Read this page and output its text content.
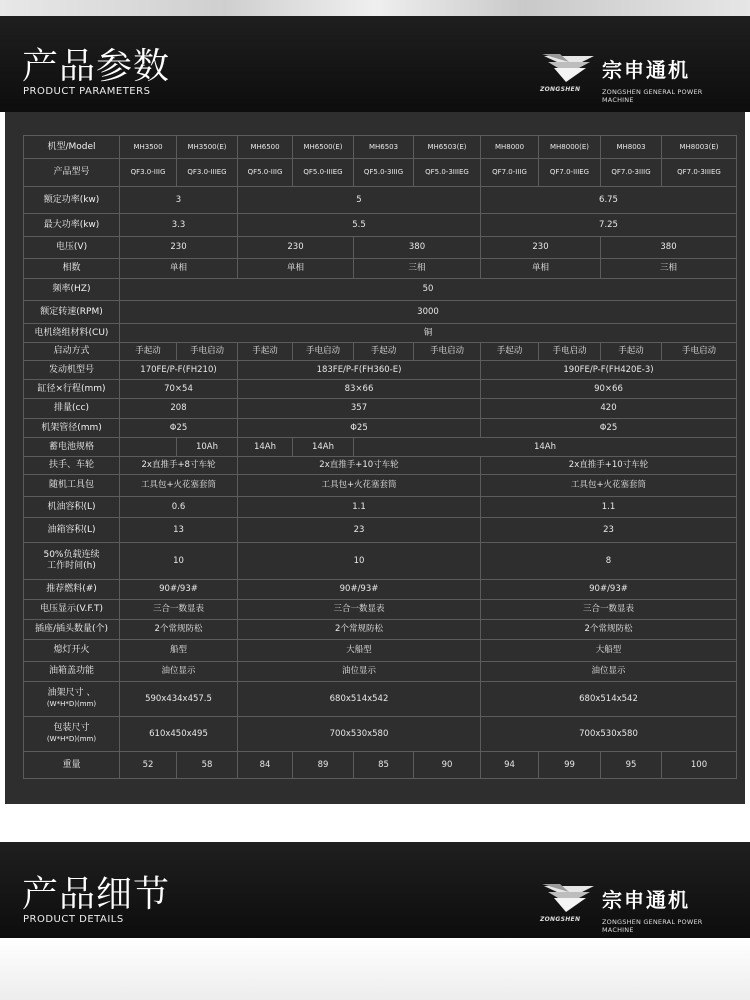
产品参数
PRODUCT PARAMETERS	ZONGSHEN
宗申通机
ZONGSHEN GENERAL POWER MACHINE
机型/Model	MH3500	MH3500(E)	MH6500	MH6500(E)	MH6503	MH6503(E)	MH8000	MH8000(E)	MH8003	MH8003(E)
产品型号	QF3.0-IIIG	QF3.0-IIIEG	QF5.0-IIIG	QF5.0-IIIEG	QF5.0-3IIIG	QF5.0-3IIIEG	QF7.0-IIIG	QF7.0-IIIEG	QF7.0-3IIIG	QF7.0-3IIIEG
额定功率(kw)	3		5				6.75			
最大功率(kw)	3.3		5.5				7.25			
电压(V)	230		230		380		230		380	
相数	单相		单相		三相		单相		三相	
频率(HZ)	50									
额定转速(RPM)	3000									
电机绕组材料(CU)	铜									
启动方式	手起动	手电启动	手起动	手电启动	手起动	手电启动	手起动	手电启动	手起动	手电启动
发动机型号	170FE/P-F(FH210)		183FE/P-F(FH360-E)				190FE/P-F(FH420E-3)			
缸径×行程(mm)	70×54		83×66				90×66			
排量(cc)	208		357				420			
机架管径(mm)	Φ25		Φ25				Φ25			
蓄电池规格		10Ah	14Ah	14Ah	14Ah					
扶手、车轮	2x直推手+8寸车轮		2x直推手+10寸车轮				2x直推手+10寸车轮			
随机工具包	工具包+火花塞套筒		工具包+火花塞套筒				工具包+火花塞套筒			
机油容积(L)	0.6		1.1				1.1			
油箱容积(L)	13		23				23			

50%负载连续
工作时间(h)	10		10				8			
推荐燃料(#)	90#/93#		90#/93#				90#/93#			
电压显示(V.F.T)	三合一数显表		三合一数显表				三合一数显表			
插座/插头数量(个)	2个常规防松		2个常规防松				2个常规防松			
熄灯开火	船型		大船型				大船型			
油箱盖功能	油位显示		油位显示				油位显示			

油架尺寸 、
(W*H*D)(mm)	590x434x457.5		680x514x542				680x514x542			

包装尺寸
(W*H*D)(mm)	610x450x495		700x530x580				700x530x580			
重量	52	58	84	89	85	90	94	99	95	100
产品细节
PRODUCT DETAILS	ZONGSHEN
宗申通机
ZONGSHEN GENERAL POWER MACHINE
